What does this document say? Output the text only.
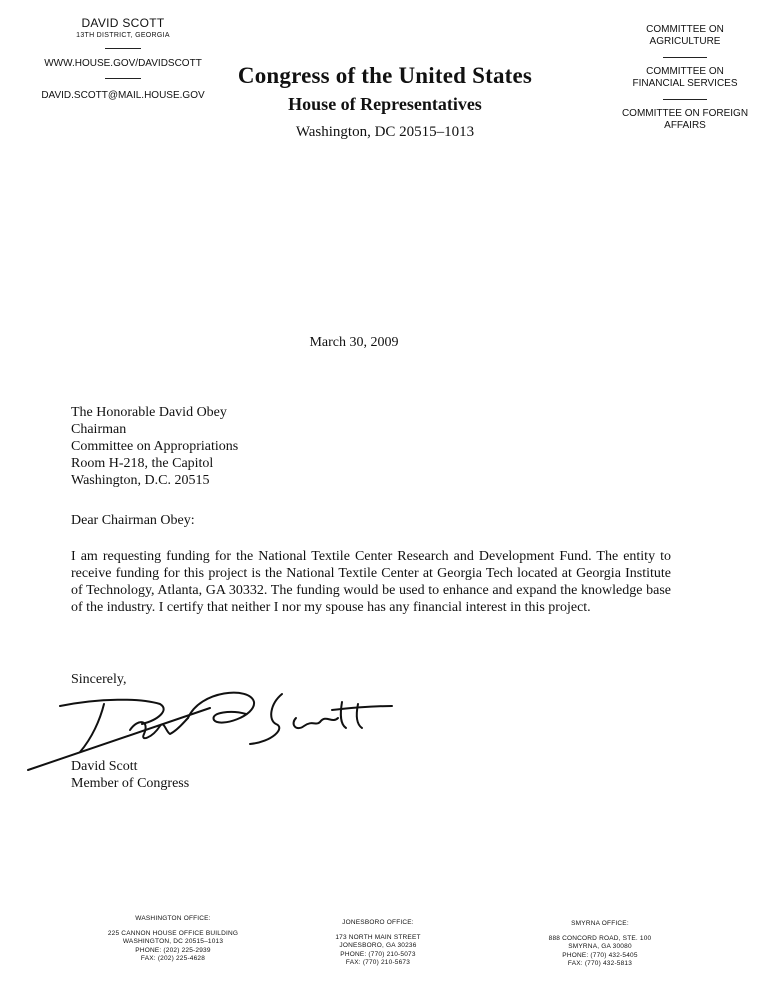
DAVID SCOTT
13TH DISTRICT, GEORGIA
WWW.HOUSE.GOV/DAVIDSCOTT
DAVID.SCOTT@MAIL.HOUSE.GOV
Congress of the United States
House of Representatives
Washington, DC 20515–1013
COMMITTEE ON AGRICULTURE
COMMITTEE ON FINANCIAL SERVICES
COMMITTEE ON FOREIGN AFFAIRS
March 30, 2009
The Honorable David Obey
Chairman
Committee on Appropriations
Room H-218, the Capitol
Washington, D.C. 20515
Dear Chairman Obey:
I am requesting funding for the National Textile Center Research and Development Fund. The entity to receive funding for this project is the National Textile Center at Georgia Tech located at Georgia Institute of Technology, Atlanta, GA 30332. The funding would be used to enhance and expand the knowledge base of the industry. I certify that neither I nor my spouse has any financial interest in this project.
Sincerely,
David Scott
Member of Congress
WASHINGTON OFFICE:
225 CANNON HOUSE OFFICE BUILDING
WASHINGTON, DC 20515–1013
PHONE: (202) 225-2939
FAX: (202) 225-4628
JONESBORO OFFICE:
173 NORTH MAIN STREET
JONESBORO, GA 30236
PHONE: (770) 210-5073
FAX: (770) 210-5673
SMYRNA OFFICE:
888 CONCORD ROAD, STE. 100
SMYRNA, GA 30080
PHONE: (770) 432-5405
FAX: (770) 432-5813
